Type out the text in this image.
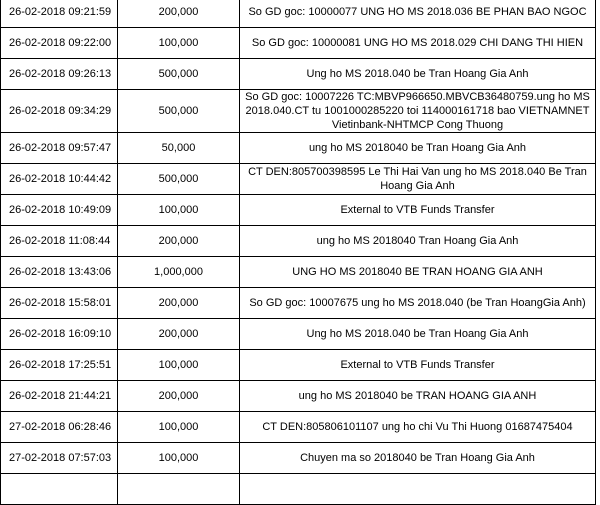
26-02-2018 09:21:59	200,000	So GD goc: 10000077 UNG HO MS 2018.036 BE PHAN BAO NGOC
26-02-2018 09:22:00	100,000	So GD goc: 10000081 UNG HO MS 2018.029 CHI DANG THI HIEN
26-02-2018 09:26:13	500,000	Ung ho MS 2018.040 be Tran Hoang Gia Anh
26-02-2018 09:34:29	500,000	So GD goc: 10007226 TC:MBVP966650.MBVCB36480759.ung ho MS 2018.040.CT tu 1001000285220 toi 114000161718 bao VIETNAMNET Vietinbank-NHTMCP Cong Thuong
26-02-2018 09:57:47	50,000	ung ho MS 2018040 be Tran Hoang Gia Anh
26-02-2018 10:44:42	500,000	CT DEN:805700398595 Le Thi Hai Van ung ho MS 2018.040 Be Tran Hoang Gia Anh
26-02-2018 10:49:09	100,000	External to VTB Funds Transfer
26-02-2018 11:08:44	200,000	ung ho MS 2018040 Tran Hoang Gia Anh
26-02-2018 13:43:06	1,000,000	UNG HO MS 2018040 BE TRAN HOANG GIA ANH
26-02-2018 15:58:01	200,000	So GD goc: 10007675 ung ho MS 2018.040 (be Tran HoangGia Anh)
26-02-2018 16:09:10	200,000	Ung ho MS 2018.040 be Tran Hoang Gia Anh
26-02-2018 17:25:51	100,000	External to VTB Funds Transfer
26-02-2018 21:44:21	200,000	ung ho MS 2018040 be TRAN HOANG GIA ANH
27-02-2018 06:28:46	100,000	CT DEN:805806101107 ung ho chi Vu Thi Huong 01687475404
27-02-2018 07:57:03	100,000	Chuyen ma so 2018040 be Tran Hoang Gia Anh
